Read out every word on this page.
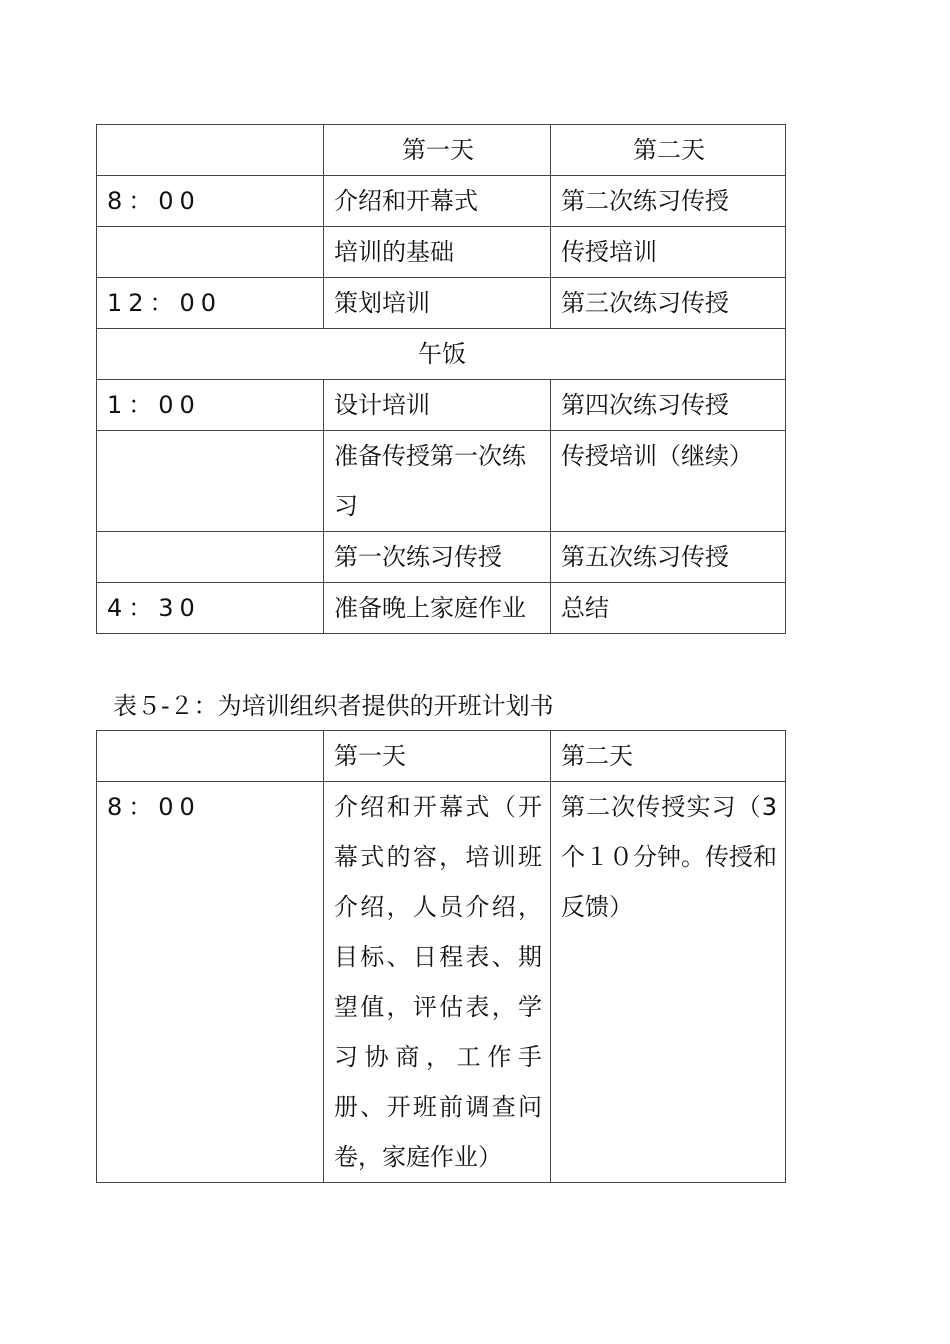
	第一天	第二天
8：00	介绍和开幕式	第二次练习传授
	培训的基础	传授培训
12：00	策划培训	第三次练习传授
午饭		
1：00	设计培训	第四次练习传授
	准备传授第一次练习	传授培训（继续）
	第一次练习传授	第五次练习传授
4：30	准备晚上家庭作业	总结

表５-２：为培训组织者提供的开班计划书

	第一天	第二天
8：00	介绍和开幕式（开幕式的容，培训班介绍，人员介绍，目标、日程表、期望值，评估表，学习协商，工作手册、开班前调查问卷，家庭作业）	第二次传授实习（3个１０分钟。传授和反馈）
